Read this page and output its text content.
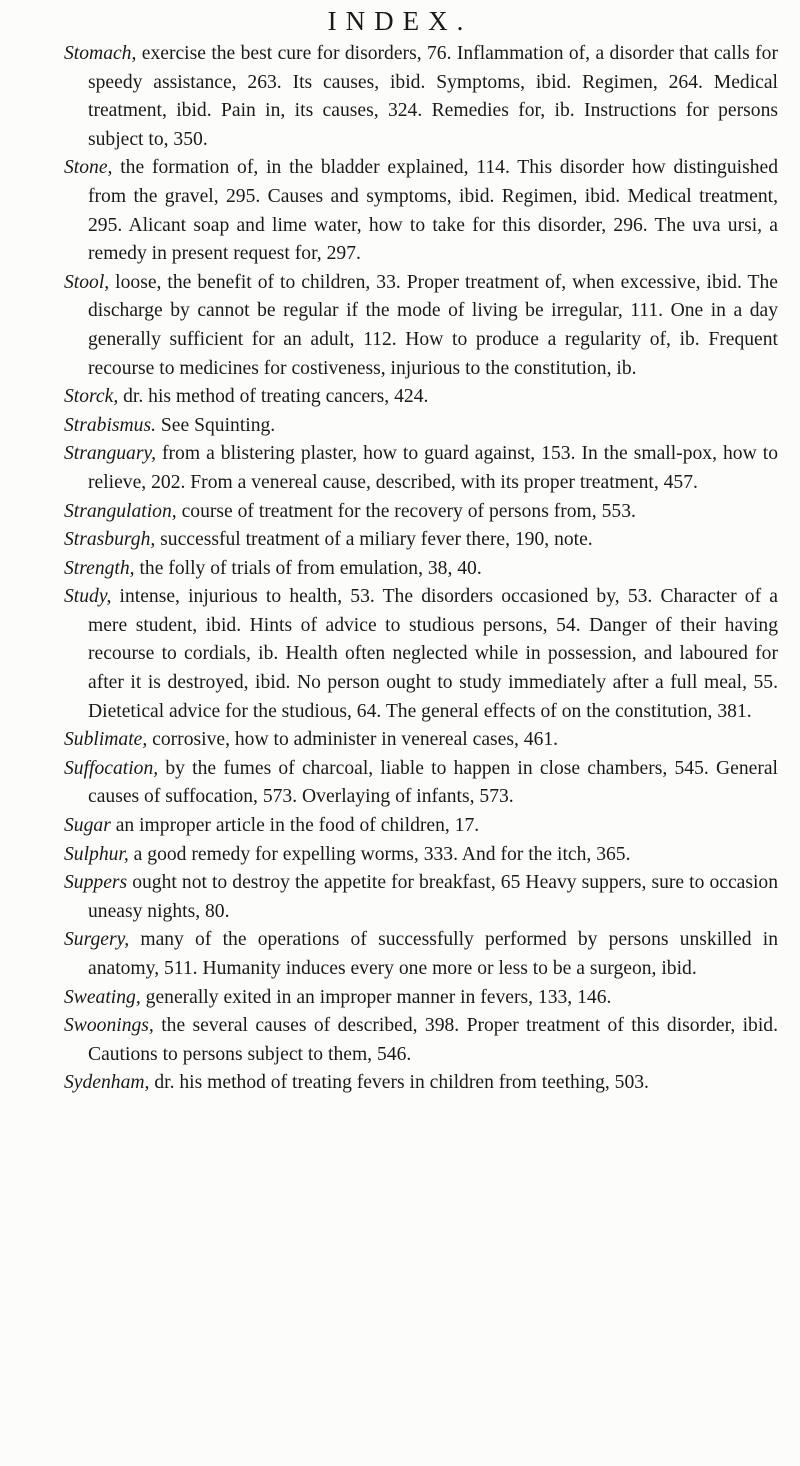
INDEX.

Stomach, exercise the best cure for disorders, 76. Inflammation of, a disorder that calls for speedy assistance, 263. Its causes, ibid. Symptoms, ibid. Regimen, 264. Medical treatment, ibid. Pain in, its causes, 324. Remedies for, ib. Instructions for persons subject to, 350.

Stone, the formation of, in the bladder explained, 114. This disorder how distinguished from the gravel, 295. Causes and symptoms, ibid. Regimen, ibid. Medical treatment, 295. Alicant soap and lime water, how to take for this disorder, 296. The uva ursi, a remedy in present request for, 297.

Stool, loose, the benefit of to children, 33. Proper treatment of, when excessive, ibid. The discharge by cannot be regular if the mode of living be irregular, 111. One in a day generally sufficient for an adult, 112. How to produce a regularity of, ib. Frequent recourse to medicines for costiveness, injurious to the constitution, ib.

Storck, dr. his method of treating cancers, 424.

Strabismus. See Squinting.

Stranguary, from a blistering plaster, how to guard against, 153. In the small-pox, how to relieve, 202. From a venereal cause, described, with its proper treatment, 457.

Strangulation, course of treatment for the recovery of persons from, 553.

Strasburgh, successful treatment of a miliary fever there, 190, note.

Strength, the folly of trials of from emulation, 38, 40.

Study, intense, injurious to health, 53. The disorders occasioned by, 53. Character of a mere student, ibid. Hints of advice to studious persons, 54. Danger of their having recourse to cordials, ib. Health often neglected while in possession, and laboured for after it is destroyed, ibid. No person ought to study immediately after a full meal, 55. Dietetical advice for the studious, 64. The general effects of on the constitution, 381.

Sublimate, corrosive, how to administer in venereal cases, 461.

Suffocation, by the fumes of charcoal, liable to happen in close chambers, 545. General causes of suffocation, 573. Overlaying of infants, 573.

Sugar an improper article in the food of children, 17.

Sulphur, a good remedy for expelling worms, 333. And for the itch, 365.

Suppers ought not to destroy the appetite for breakfast, 65 Heavy suppers, sure to occasion uneasy nights, 80.

Surgery, many of the operations of successfully performed by persons unskilled in anatomy, 511. Humanity induces every one more or less to be a surgeon, ibid.

Sweating, generally exited in an improper manner in fevers, 133, 146.

Swoonings, the several causes of described, 398. Proper treatment of this disorder, ibid. Cautions to persons subject to them, 546.

Sydenham, dr. his method of treating fevers in children from teething, 503.
